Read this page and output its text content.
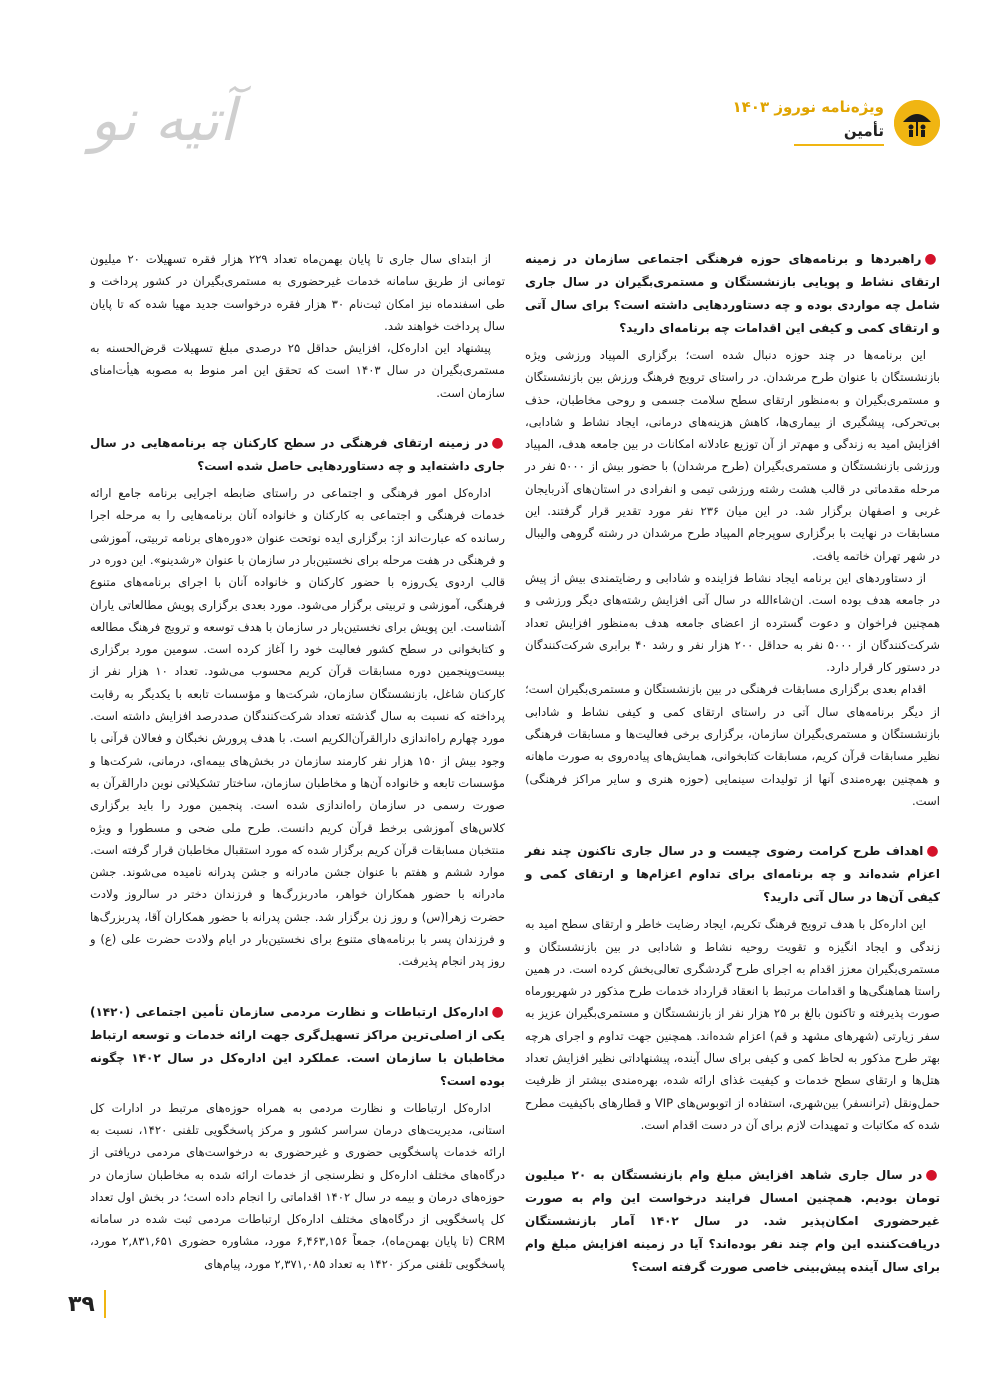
ویژه‌نامه نوروز ۱۴۰۳
تأمین
آتیه نو
●راهبردها و برنامه‌های حوزه فرهنگی اجتماعی سازمان در زمینه ارتقای نشاط و پویایی بازنشستگان و مستمری‌بگیران در سال جاری شامل چه مواردی بوده و چه دستاوردهایی داشته است؟ برای سال آتی و ارتقای کمی و کیفی این اقدامات چه برنامه‌ای دارید؟

این برنامه‌ها در چند حوزه دنبال شده است؛ برگزاری المپیاد ورزشی ویژه بازنشستگان با عنوان طرح مرشدان. در راستای ترویج فرهنگ ورزش بین بازنشستگان و مستمری‌بگیران و به‌منظور ارتقای سطح سلامت جسمی و روحی مخاطبان، حذف بی‌تحرکی، پیشگیری از بیماری‌ها، کاهش هزینه‌های درمانی، ایجاد نشاط و شادابی، افزایش امید به زندگی و مهم‌تر از آن توزیع عادلانه امکانات در بین جامعه هدف، المپیاد ورزشی بازنشستگان و مستمری‌بگیران (طرح مرشدان) با حضور بیش از ۵۰۰۰ نفر در مرحله مقدماتی در قالب هشت رشته ورزشی تیمی و انفرادی در استان‌های آذربایجان غربی و اصفهان برگزار شد. در این میان ۲۳۶ نفر مورد تقدیر قرار گرفتند. این مسابقات در نهایت با برگزاری سوپرجام المپیاد طرح مرشدان در رشته گروهی والیبال در شهر تهران خاتمه یافت.

از دستاوردهای این برنامه ایجاد نشاط فزاینده و شادابی و رضایتمندی بیش از پیش در جامعه هدف بوده است. ان‌شاءالله در سال آتی افزایش رشته‌های دیگر ورزشی و همچنین فراخوان و دعوت گسترده از اعضای جامعه هدف به‌منظور افزایش تعداد شرکت‌کنندگان از ۵۰۰۰ نفر به حداقل ۲۰۰ هزار نفر و رشد ۴۰ برابری شرکت‌کنندگان در دستور کار قرار دارد.

اقدام بعدی برگزاری مسابقات فرهنگی در بین بازنشستگان و مستمری‌بگیران است؛ از دیگر برنامه‌های سال آتی در راستای ارتقای کمی و کیفی نشاط و شادابی بازنشستگان و مستمری‌بگیران سازمان، برگزاری برخی فعالیت‌ها و مسابقات فرهنگی نظیر مسابقات قرآن کریم، مسابقات کتابخوانی، همایش‌های پیاده‌روی به صورت ماهانه و همچنین بهره‌مندی آنها از تولیدات سینمایی (حوزه هنری و سایر مراکز فرهنگی) است.

●اهداف طرح کرامت رضوی چیست و در سال جاری تاکنون چند نفر اعزام شده‌اند و چه برنامه‌ای برای تداوم اعزام‌ها و ارتقای کمی و کیفی آن‌ها در سال آتی دارید؟

این اداره‌کل با هدف ترویج فرهنگ تکریم، ایجاد رضایت خاطر و ارتقای سطح امید به زندگی و ایجاد انگیزه و تقویت روحیه نشاط و شادابی در بین بازنشستگان و مستمری‌بگیران معزز اقدام به اجرای طرح گردشگری تعالی‌بخش کرده است. در همین راستا هماهنگی‌ها و اقدامات مرتبط با انعقاد قرارداد خدمات طرح مذکور در شهریورماه صورت پذیرفته و تاکنون بالغ بر ۲۵ هزار نفر از بازنشستگان و مستمری‌بگیران عزیز به سفر زیارتی (شهرهای مشهد و قم) اعزام شده‌اند. همچنین جهت تداوم و اجرای هرچه بهتر طرح مذکور به لحاظ کمی و کیفی برای سال آینده، پیشنهاداتی نظیر افزایش تعداد هتل‌ها و ارتقای سطح خدمات و کیفیت غذای ارائه شده، بهره‌مندی بیشتر از ظرفیت حمل‌ونقل (ترانسفر) بین‌شهری، استفاده از اتوبوس‌های VIP و قطارهای باکیفیت مطرح شده که مکاتبات و تمهیدات لازم برای آن در دست اقدام است.

●در سال جاری شاهد افزایش مبلغ وام بازنشستگان به ۲۰ میلیون تومان بودیم. همچنین امسال فرایند درخواست این وام به صورت غیرحضوری امکان‌پذیر شد. در سال ۱۴۰۲ آمار بازنشستگان دریافت‌کننده این وام چند نفر بوده‌اند؟ آیا در زمینه افزایش مبلغ وام برای سال آینده پیش‌بینی خاصی صورت گرفته است؟

از ابتدای سال جاری تا پایان بهمن‌ماه تعداد ۲۲۹ هزار فقره تسهیلات ۲۰ میلیون تومانی از طریق سامانه خدمات غیرحضوری به مستمری‌بگیران در کشور پرداخت و طی اسفندماه نیز امکان ثبت‌نام ۳۰ هزار فقره درخواست جدید مهیا شده که تا پایان سال پرداخت خواهند شد.

پیشنهاد این اداره‌کل، افزایش حداقل ۲۵ درصدی مبلغ تسهیلات قرض‌الحسنه به مستمری‌بگیران در سال ۱۴۰۳ است که تحقق این امر منوط به مصوبه هیأت‌امنای سازمان است.

●در زمینه ارتقای فرهنگی در سطح کارکنان چه برنامه‌هایی در سال جاری داشته‌اید و چه دستاوردهایی حاصل شده است؟

اداره‌کل امور فرهنگی و اجتماعی در راستای ضابطه اجرایی برنامه جامع ارائه خدمات فرهنگی و اجتماعی به کارکنان و خانواده آنان برنامه‌هایی را به مرحله اجرا رسانده که عبارت‌اند از: برگزاری ایده نوتحت عنوان «دوره‌های برنامه تربیتی، آموزشی و فرهنگی در هفت مرحله برای نخستین‌بار در سازمان با عنوان «رشدینو». این دوره در قالب اردوی یک‌روزه با حضور کارکنان و خانواده آنان با اجرای برنامه‌های متنوع فرهنگی، آموزشی و تربیتی برگزار می‌شود. مورد بعدی برگزاری پویش مطالعاتی یاران آشناست. این پویش برای نخستین‌بار در سازمان با هدف توسعه و ترویج فرهنگ مطالعه و کتابخوانی در سطح کشور فعالیت خود را آغاز کرده است. سومین مورد برگزاری بیست‌وپنجمین دوره مسابقات قرآن کریم محسوب می‌شود. تعداد ۱۰ هزار نفر از کارکنان شاغل، بازنشستگان سازمان، شرکت‌ها و مؤسسات تابعه با یکدیگر به رقابت پرداخته که نسبت به سال گذشته تعداد شرکت‌کنندگان صددرصد افزایش داشته است. مورد چهارم راه‌اندازی دارالقرآن‌الکریم است. با هدف پرورش نخبگان و فعالان قرآنی با وجود بیش از ۱۵۰ هزار نفر کارمند سازمان در بخش‌های بیمه‌ای، درمانی، شرکت‌ها و مؤسسات تابعه و خانواده آن‌ها و مخاطبان سازمان، ساختار تشکیلاتی نوین دارالقرآن به صورت رسمی در سازمان راه‌اندازی شده است. پنجمین مورد را باید برگزاری کلاس‌های آموزشی برخط قرآن کریم دانست. طرح ملی ضحی و مسطورا و ویژه منتخبان مسابقات قرآن کریم برگزار شده که مورد استقبال مخاطبان قرار گرفته است. موارد ششم و هفتم با عنوان جشن مادرانه و جشن پدرانه نامیده می‌شوند. جشن مادرانه با حضور همکاران خواهر، مادربزرگ‌ها و فرزندان دختر در سالروز ولادت حضرت زهرا(س) و روز زن برگزار شد. جشن پدرانه با حضور همکاران آقا، پدربزرگ‌ها و فرزندان پسر با برنامه‌های متنوع برای نخستین‌بار در ایام ولادت حضرت علی (ع) و روز پدر انجام پذیرفت.

●اداره‌کل ارتباطات و نظارت مردمی سازمان تأمین اجتماعی (۱۴۲۰) یکی از اصلی‌ترین مراکز تسهیل‌گری جهت ارائه خدمات و توسعه ارتباط مخاطبان با سازمان است. عملکرد این اداره‌کل در سال ۱۴۰۲ چگونه بوده است؟

اداره‌کل ارتباطات و نظارت مردمی به همراه حوزه‌های مرتبط در ادارات کل استانی، مدیریت‌های درمان سراسر کشور و مرکز پاسخگویی تلفنی ۱۴۲۰، نسبت به ارائه خدمات پاسخگویی حضوری و غیرحضوری به درخواست‌های مردمی دریافتی از درگاه‌های مختلف اداره‌کل و نظرسنجی از خدمات ارائه شده به مخاطبان سازمان در حوزه‌های درمان و بیمه در سال ۱۴۰۲ اقداماتی را انجام داده است؛ در بخش اول تعداد کل پاسخگویی از درگاه‌های مختلف اداره‌کل ارتباطات مردمی ثبت شده در سامانه CRM (تا پایان بهمن‌ماه)، جمعاً ۶,۴۶۳,۱۵۶ مورد، مشاوره حضوری ۲,۸۳۱,۶۵۱ مورد، پاسخگویی تلفنی مرکز ۱۴۲۰ به تعداد ۲,۳۷۱,۰۸۵ مورد، پیام‌های

۳۹
